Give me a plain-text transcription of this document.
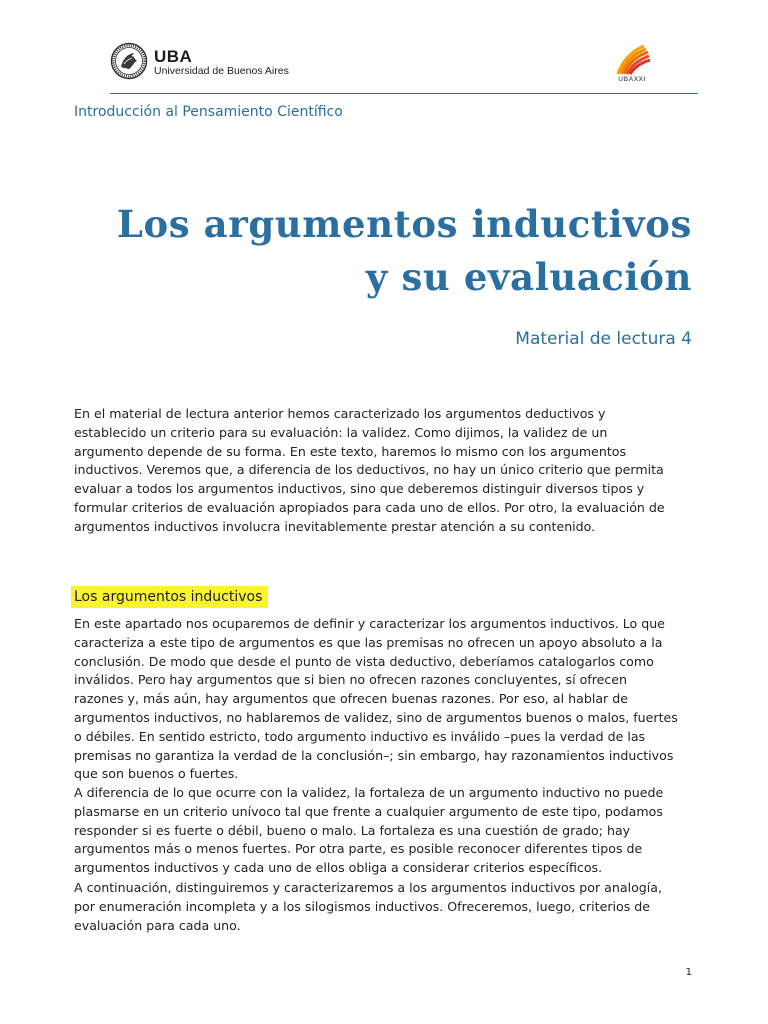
UBA
Universidad de Buenos Aires
UBAXXI
Introducción al Pensamiento Científico
Los argumentos inductivos
y su evaluación
Material de lectura 4
En el material de lectura anterior hemos caracterizado los argumentos deductivos y
establecido un criterio para su evaluación: la validez. Como dijimos, la validez de un
argumento depende de su forma. En este texto, haremos lo mismo con los argumentos
inductivos. Veremos que, a diferencia de los deductivos, no hay un único criterio que permita
evaluar a todos los argumentos inductivos, sino que deberemos distinguir diversos tipos y
formular criterios de evaluación apropiados para cada uno de ellos. Por otro, la evaluación de
argumentos inductivos involucra inevitablemente prestar atención a su contenido.
Los argumentos inductivos
En este apartado nos ocuparemos de definir y caracterizar los argumentos inductivos. Lo que
caracteriza a este tipo de argumentos es que las premisas no ofrecen un apoyo absoluto a la
conclusión. De modo que desde el punto de vista deductivo, deberíamos catalogarlos como
inválidos. Pero hay argumentos que si bien no ofrecen razones concluyentes, sí ofrecen
razones y, más aún, hay argumentos que ofrecen buenas razones. Por eso, al hablar de
argumentos inductivos, no hablaremos de validez, sino de argumentos buenos o malos, fuertes
o débiles. En sentido estricto, todo argumento inductivo es inválido –pues la verdad de las
premisas no garantiza la verdad de la conclusión–; sin embargo, hay razonamientos inductivos
que son buenos o fuertes.
A diferencia de lo que ocurre con la validez, la fortaleza de un argumento inductivo no puede
plasmarse en un criterio unívoco tal que frente a cualquier argumento de este tipo, podamos
responder si es fuerte o débil, bueno o malo. La fortaleza es una cuestión de grado; hay
argumentos más o menos fuertes. Por otra parte, es posible reconocer diferentes tipos de
argumentos inductivos y cada uno de ellos obliga a considerar criterios específicos.
A continuación, distinguiremos y caracterizaremos a los argumentos inductivos por analogía,
por enumeración incompleta y a los silogismos inductivos. Ofreceremos, luego, criterios de
evaluación para cada uno.
1
